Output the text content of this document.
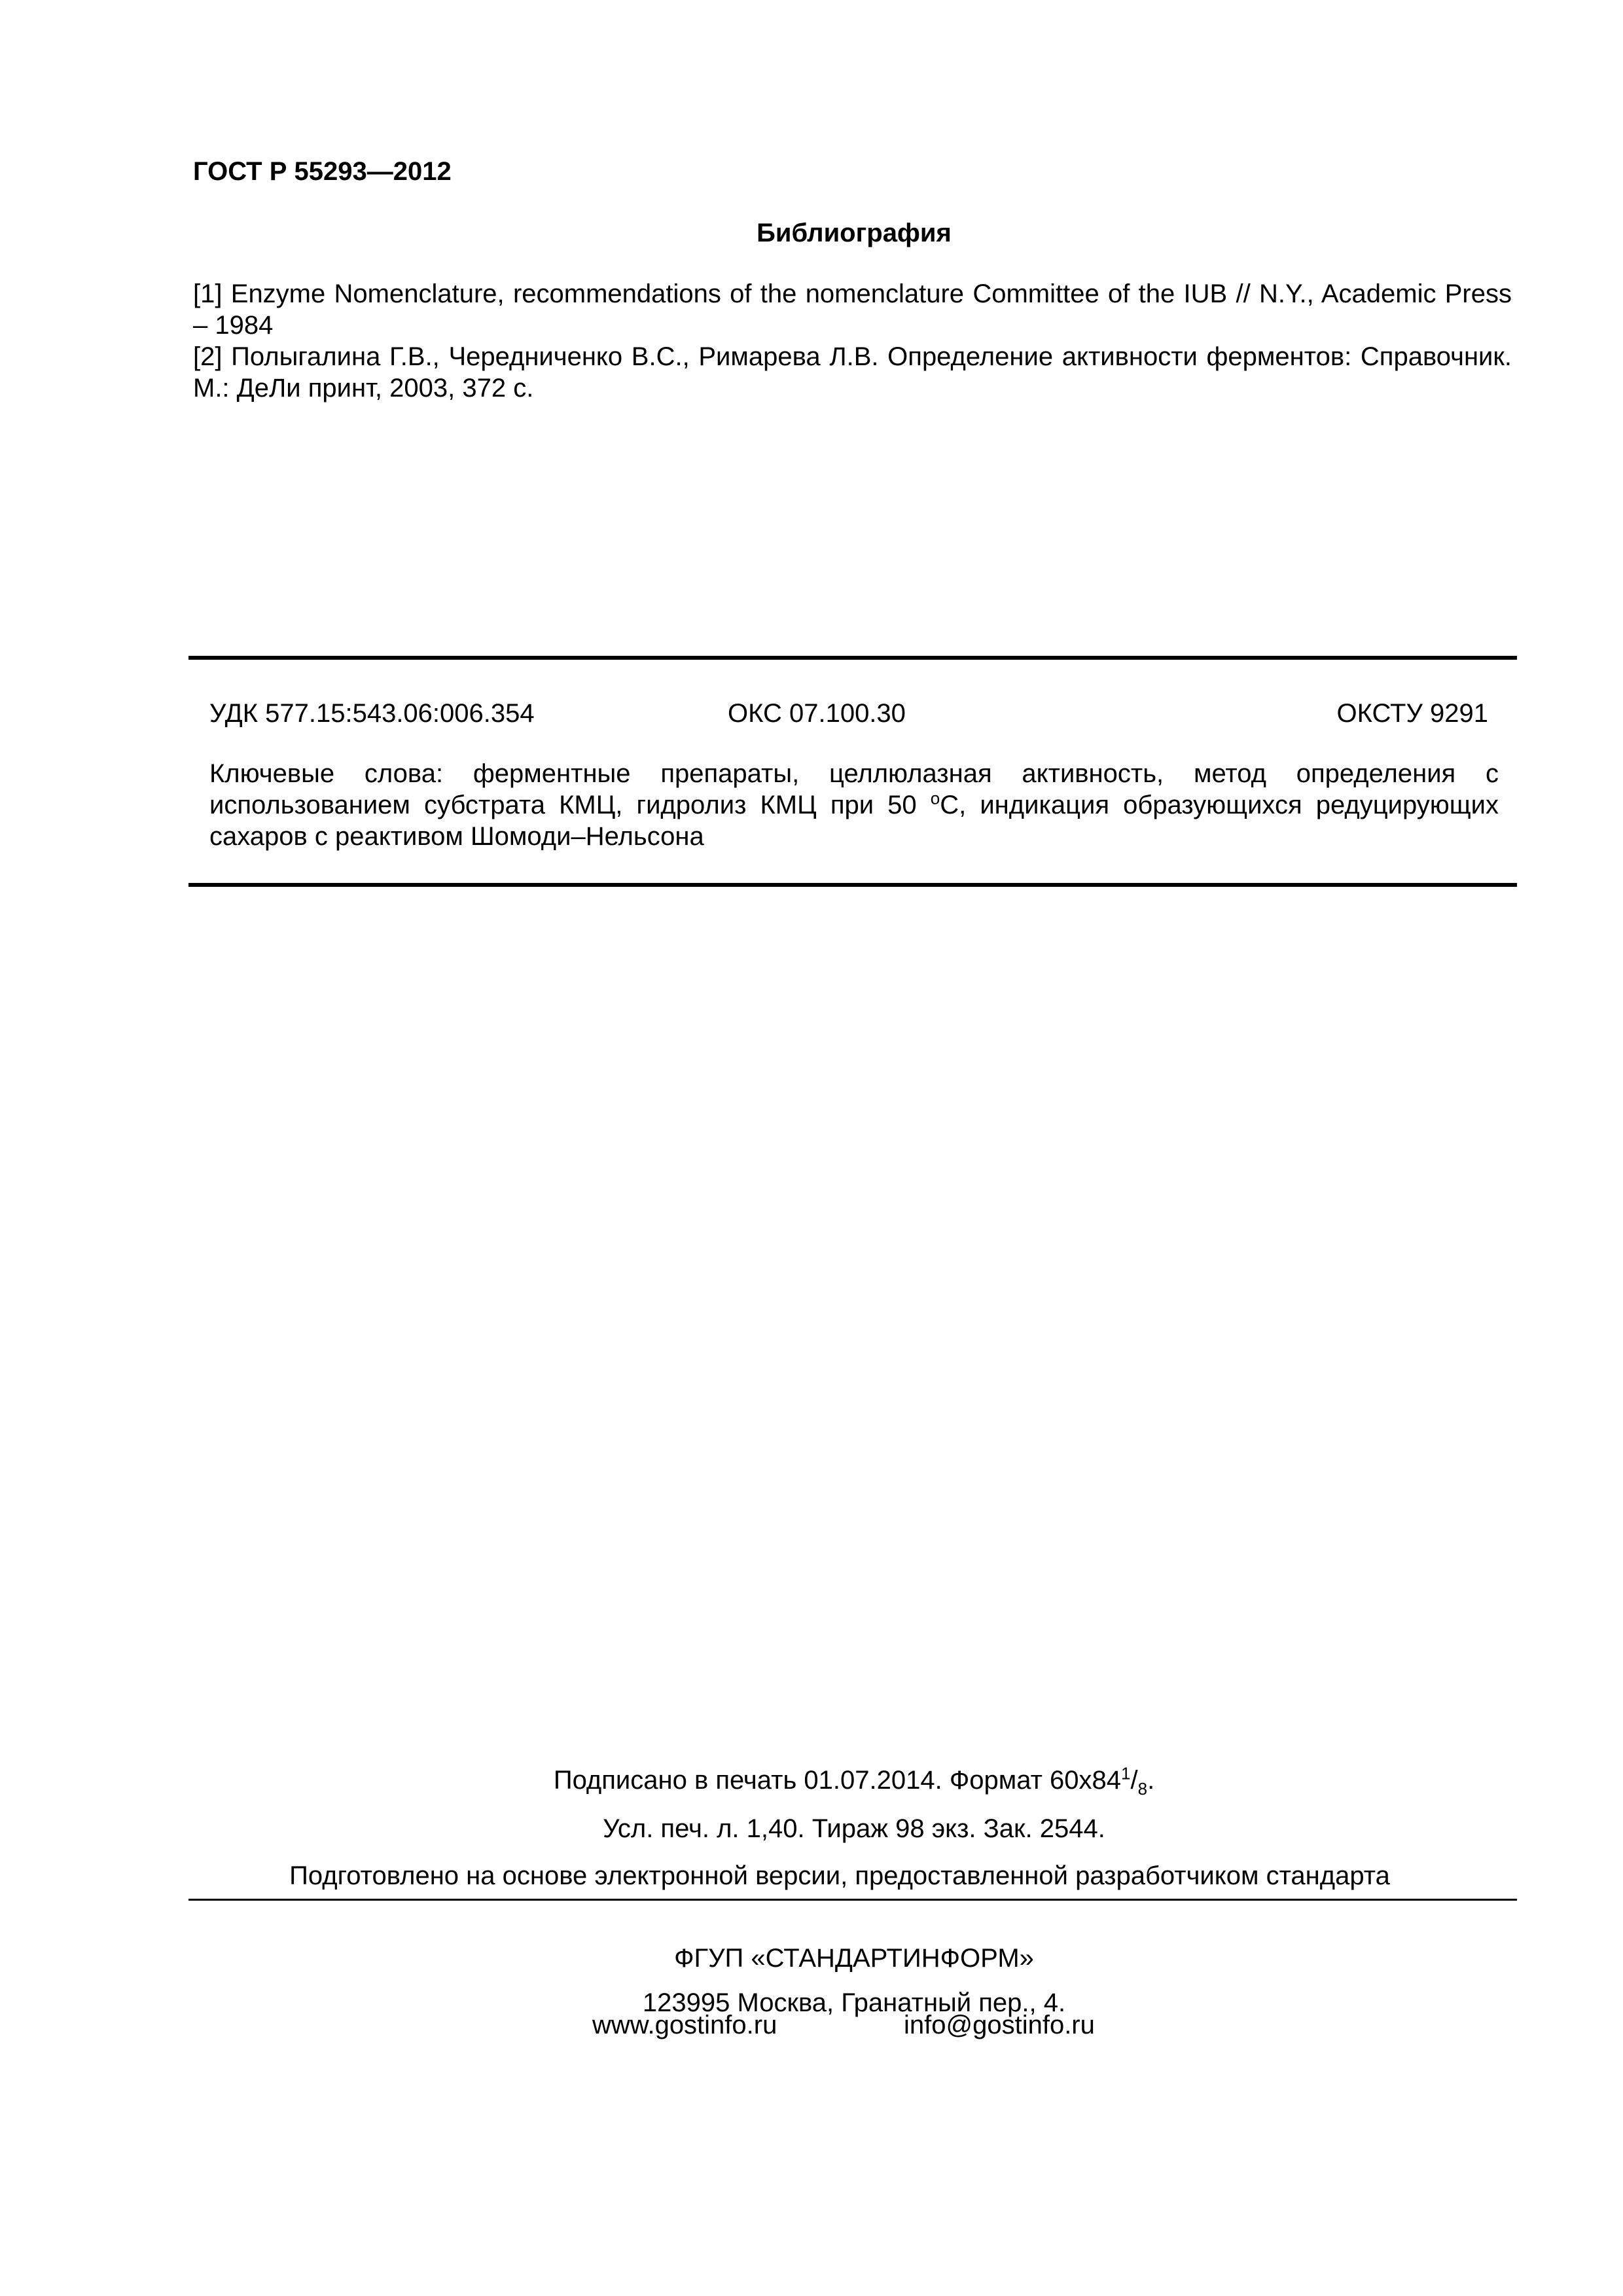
ГОСТ Р 55293—2012
Библиография
[1] Enzyme Nomenclature, recommendations of the nomenclature Committee of the IUB // N.Y., Academic Press – 1984
[2] Полыгалина Г.В., Чередниченко В.С., Римарева Л.В. Определение активности ферментов: Справочник. М.: ДеЛи принт, 2003, 372 с.
УДК 577.15:543.06:006.354	ОКС 07.100.30	ОКСТУ 9291
Ключевые слова: ферментные препараты, целлюлазная активность, метод определения с использованием субстрата КМЦ, гидролиз КМЦ при 50 $^o$С, индикация образующихся редуцирующих сахаров с реактивом Шомоди–Нельсона
Подписано в печать 01.07.2014. Формат $60х84^1/_8$.
Усл. печ. л. 1,40. Тираж 98 экз. Зак. 2544.
Подготовлено на основе электронной версии, предоставленной разработчиком стандарта
ФГУП «СТАНДАРТИНФОРМ»
123995 Москва, Гранатный пер., 4.
www.gostinfo.ru	info@gostinfo.ru
